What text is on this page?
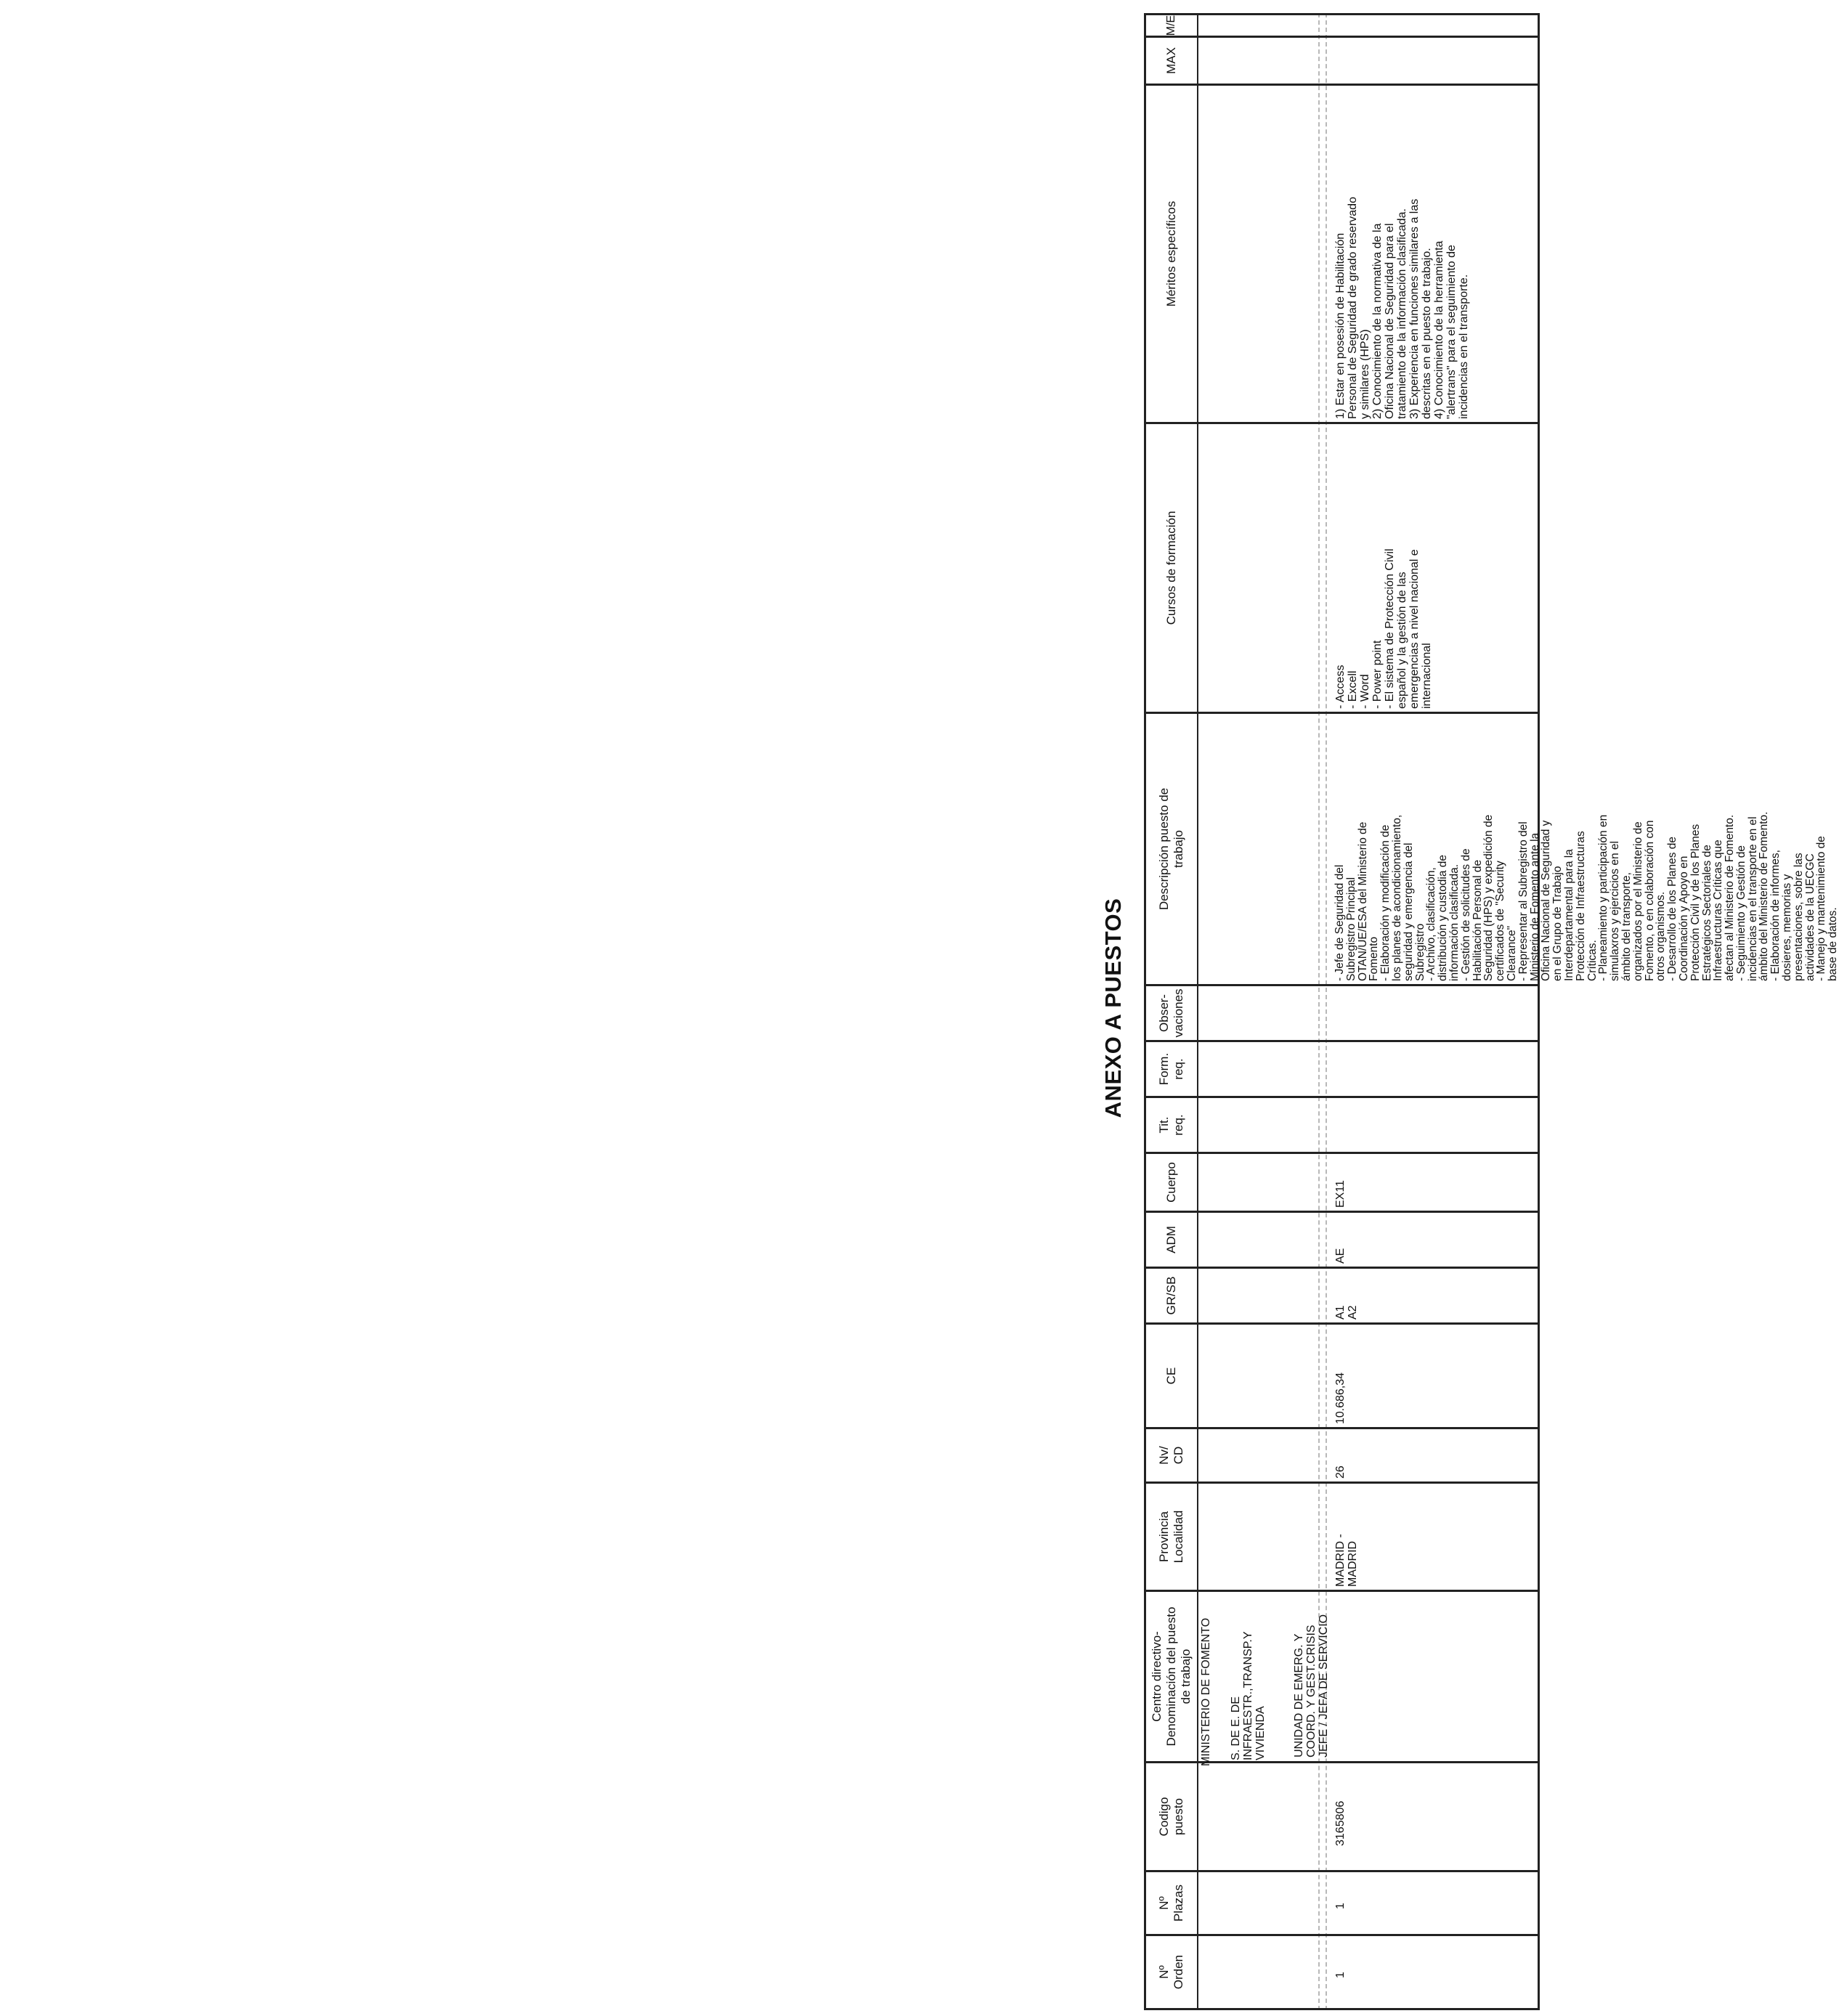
ANEXO A PUESTOS
Nº
Orden
Nº
Plazas
Codigo
puesto
Centro directivo-
Denominación del puesto
de trabajo
Provincia
Localidad
Nv/
CD
CE
GR/SB
ADM
Cuerpo
Tit.
req.
Form.
req.
Obser-
vaciones
Descripción puesto de
trabajo
Cursos de formación
Méritos específicos
MAX
M/E
MINISTERIO DE FOMENTO S. DE E. DE
INFRAESTR.,TRANSP.Y
VIVIENDA
1
1
3165806
UNIDAD DE EMERG. Y
COORD. Y GEST.CRISIS
JEFE / JEFA DE SERVICIO
MADRID -
MADRID
26
10.686,34
A1
A2
AE
EX11
- Jefe de Seguridad del
Subregistro Principal
OTAN/UE/ESA del Ministerio de
Fomento
- Elaboración y modificación de
los planes de acondicionamiento,
seguridad y emergencia del
Subregistro
- Archivo, clasificación,
distribución y custodia de
información clasificada.
- Gestión de solicitudes de
Habilitación Personal de
Seguridad (HPS) y expedición de
certificados de "Security
Clearance"
- Representar al Subregistro del
Ministerio de Fomento ante la
Oficina Nacional de Seguridad y
en el Grupo de Trabajo
Interdepartamental para la
Protección de Infraestructuras
Críticas.
- Planeamiento y participación en
simulaxros y ejercicios en el
ámbito del transporte,
organizados por el Ministerio de
Fomento, o en colaboración con
otros organismos.
- Desarrollo de los Planes de
Coordinación y Apoyo en
Protección Civil y de los Planes
Estratégicos Sectoriales de
Infraestructuras Críticas que
afectan al Ministerio de Fomento.
- Seguimiento y Gestión de
incidencias en el transporte en el
ámbito del Ministerio de Fomento.
- Elaboración de informes,
dosieres, memorias y
presentaciones, sobre las
actividades de la UECGC
- Manejo y mantenimiento de
base de datos.
- Access
- Excell
- Word
- Power point
- El sistema de Protección Civil
español y la gestión de las
emergencias a nivel nacional e
internacional
1) Estar en posesión de Habilitación
Personal de Seguridad de grado reservado
y similares (HPS)
2) Conocimiento de la normativa de la
Oficina Nacional de Seguridad para el
tratamiento de la información clasificada.
3) Experiencia en funciones similares a las
descritas en el puesto de trabajo.
4) Conocimiento de la herramienta
"alertrans" para el seguimiento de
incidencias en el transporte.
